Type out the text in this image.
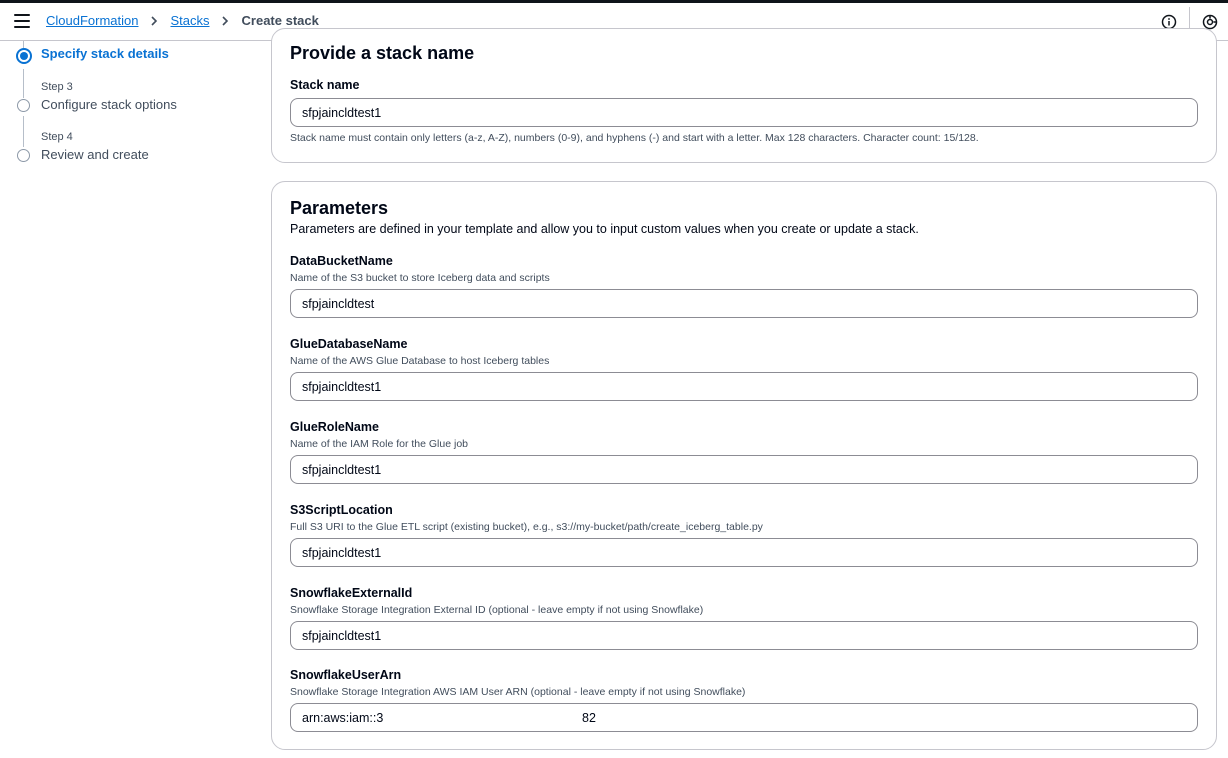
CloudFormation Stacks Create stack
Specify stack details
Step 3
Configure stack options
Step 4
Review and create
Provide a stack name
Stack name
sfpjaincldtest1
Stack name must contain only letters (a-z, A-Z), numbers (0-9), and hyphens (-) and start with a letter. Max 128 characters. Character count: 15/128.
Parameters
Parameters are defined in your template and allow you to input custom values when you create or update a stack.
DataBucketName
Name of the S3 bucket to store Iceberg data and scripts
sfpjaincldtest
GlueDatabaseName
Name of the AWS Glue Database to host Iceberg tables
sfpjaincldtest1
GlueRoleName
Name of the IAM Role for the Glue job
sfpjaincldtest1
S3ScriptLocation
Full S3 URI to the Glue ETL script (existing bucket), e.g., s3://my-bucket/path/create_iceberg_table.py
sfpjaincldtest1
SnowflakeExternalId
Snowflake Storage Integration External ID (optional - leave empty if not using Snowflake)
sfpjaincldtest1
SnowflakeUserArn
Snowflake Storage Integration AWS IAM User ARN (optional - leave empty if not using Snowflake)
arn:aws:iam::3
82
